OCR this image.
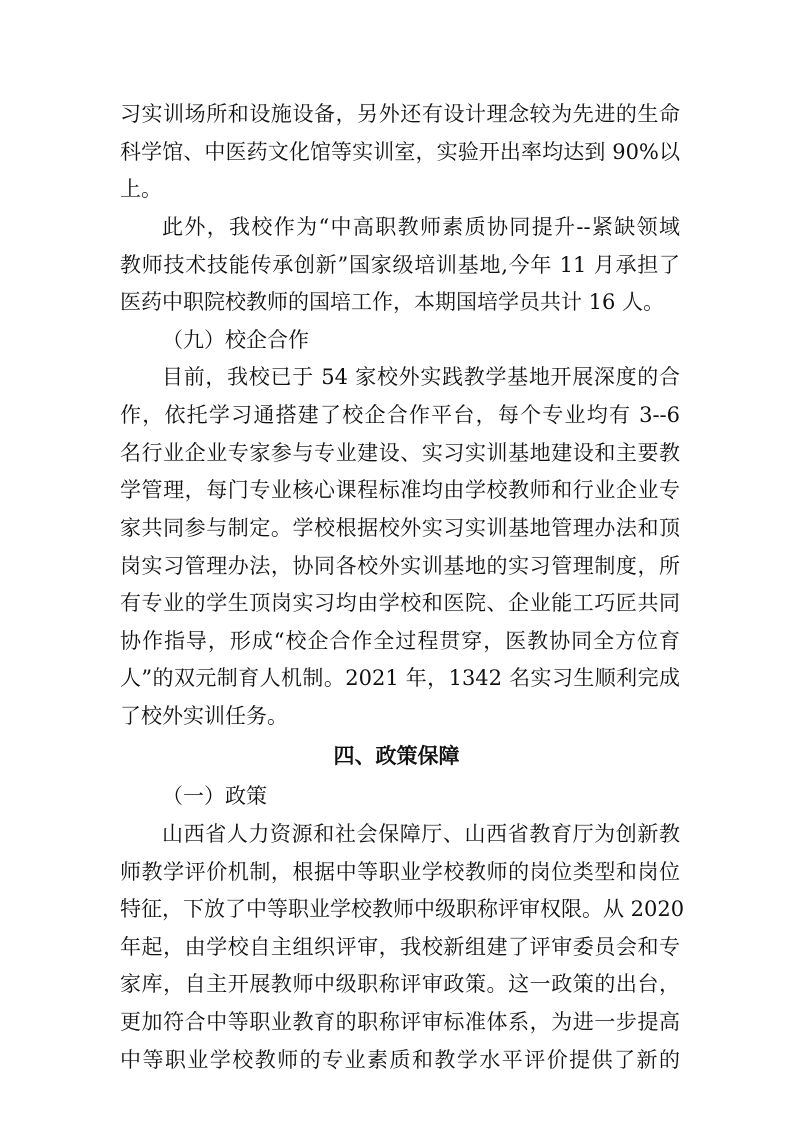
习实训场所和设施设备，另外还有设计理念较为先进的生命
科学馆、中医药文化馆等实训室，实验开出率均达到 90%以
上。
此外，我校作为“中高职教师素质协同提升--紧缺领域
教师技术技能传承创新”国家级培训基地,今年 11 月承担了
医药中职院校教师的国培工作，本期国培学员共计 16 人。
（九）校企合作
目前，我校已于 54 家校外实践教学基地开展深度的合
作，依托学习通搭建了校企合作平台，每个专业均有 3--6
名行业企业专家参与专业建设、实习实训基地建设和主要教
学管理，每门专业核心课程标准均由学校教师和行业企业专
家共同参与制定。学校根据校外实习实训基地管理办法和顶
岗实习管理办法，协同各校外实训基地的实习管理制度，所
有专业的学生顶岗实习均由学校和医院、企业能工巧匠共同
协作指导，形成“校企合作全过程贯穿，医教协同全方位育
人”的双元制育人机制。2021 年，1342 名实习生顺利完成
了校外实训任务。
四、政策保障
（一）政策
山西省人力资源和社会保障厅、山西省教育厅为创新教
师教学评价机制，根据中等职业学校教师的岗位类型和岗位
特征，下放了中等职业学校教师中级职称评审权限。从 2020
年起，由学校自主组织评审，我校新组建了评审委员会和专
家库，自主开展教师中级职称评审政策。这一政策的出台，
更加符合中等职业教育的职称评审标准体系，为进一步提高
中等职业学校教师的专业素质和教学水平评价提供了新的
